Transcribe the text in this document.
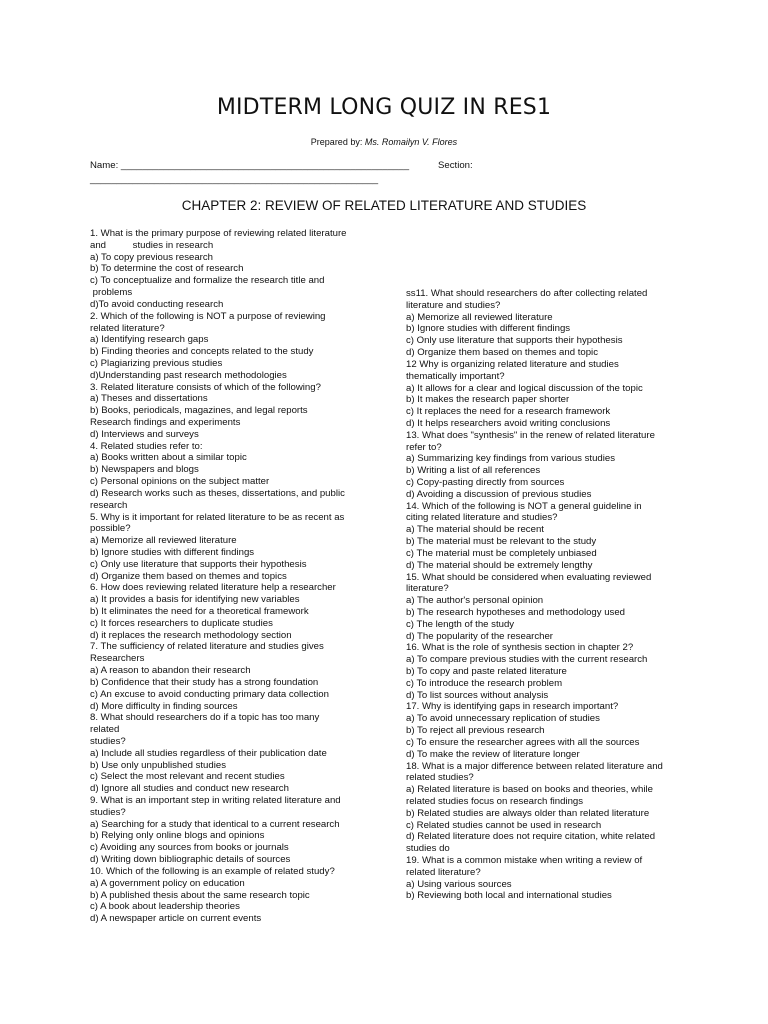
MIDTERM LONG QUIZ IN RES1
Prepared by: Ms. Romailyn V. Flores
Name: ______________________________________________________	Section:
______________________________________________________
CHAPTER 2: REVIEW OF RELATED LITERATURE AND STUDIES
1. What is the primary purpose of reviewing related literature
and          studies in research
a) To copy previous research
b) To determine the cost of research
c) To conceptualize and formalize the research title and
problems
d)To avoid conducting research
2. Which of the following is NOT a purpose of reviewing
related literature?
a) Identifying research gaps
b) Finding theories and concepts related to the study
c) Plagiarizing previous studies
d)Understanding past research methodologies
3. Related literature consists of which of the following?
a) Theses and dissertations
b) Books, periodicals, magazines, and legal reports
Research findings and experiments
d) Interviews and surveys
4. Related studies refer to:
a) Books written about a similar topic
b) Newspapers and blogs
c) Personal opinions on the subject matter
d) Research works such as theses, dissertations, and public
research
5. Why is it important for related literature to be as recent as
possible?
a) Memorize all reviewed literature
b) Ignore studies with different findings
c) Only use literature that supports their hypothesis
d) Organize them based on themes and topics
6. How does reviewing related literature help a researcher
a) It provides a basis for identifying new variables
b) It eliminates the need for a theoretical framework
c) It forces researchers to duplicate studies
d) it replaces the research methodology section
7. The sufficiency of related literature and studies gives
Researchers
a) A reason to abandon their research
b) Confidence that their study has a strong foundation
c) An excuse to avoid conducting primary data collection
d) More difficulty in finding sources
8. What should researchers do if a topic has too many
related
studies?
a) Include all studies regardless of their publication date
b) Use only unpublished studies
c) Select the most relevant and recent studies
d) Ignore all studies and conduct new research
9. What is an important step in writing related literature and
studies?
a) Searching for a study that identical to a current research
b) Relying only online blogs and opinions
c) Avoiding any sources from books or journals
d) Writing down bibliographic details of sources
10. Which of the following is an example of related study?
a) A government policy on education
b) A published thesis about the same research topic
c) A book about leadership theories
d) A newspaper article on current events
ss11. What should researchers do after collecting related
literature and studies?
a) Memorize all reviewed literature
b) Ignore studies with different findings
c) Only use literature that supports their hypothesis
d) Organize them based on themes and topic
12 Why is organizing related literature and studies
thematically important?
a) It allows for a clear and logical discussion of the topic
b) It makes the research paper shorter
c) It replaces the need for a research framework
d) It helps researchers avoid writing conclusions
13. What does "synthesis" in the renew of related literature
refer to?
a) Summarizing key findings from various studies
b) Writing a list of all references
c) Copy-pasting directly from sources
d) Avoiding a discussion of previous studies
14. Which of the following is NOT a general guideline in
citing related literature and studies?
a) The material should be recent
b) The material must be relevant to the study
c) The material must be completely unbiased
d) The material should be extremely lengthy
15. What should be considered when evaluating reviewed
literature?
a) The author's personal opinion
b) The research hypotheses and methodology used
c) The length of the study
d) The popularity of the researcher
16. What is the role of synthesis section in chapter 2?
a) To compare previous studies with the current research
b) To copy and paste related literature
c) To introduce the research problem
d) To list sources without analysis
17. Why is identifying gaps in research important?
a) To avoid unnecessary replication of studies
b) To reject all previous research
c) To ensure the researcher agrees with all the sources
d) To make the review of literature longer
18. What is a major difference between related literature and
related studies?
a) Related literature is based on books and theories, while
related studies focus on research findings
b) Related studies are always older than related literature
c) Related studies cannot be used in research
d) Related literature does not require citation, white related
studies do
19. What is a common mistake when writing a review of
related literature?
a) Using various sources
b) Reviewing both local and international studies
